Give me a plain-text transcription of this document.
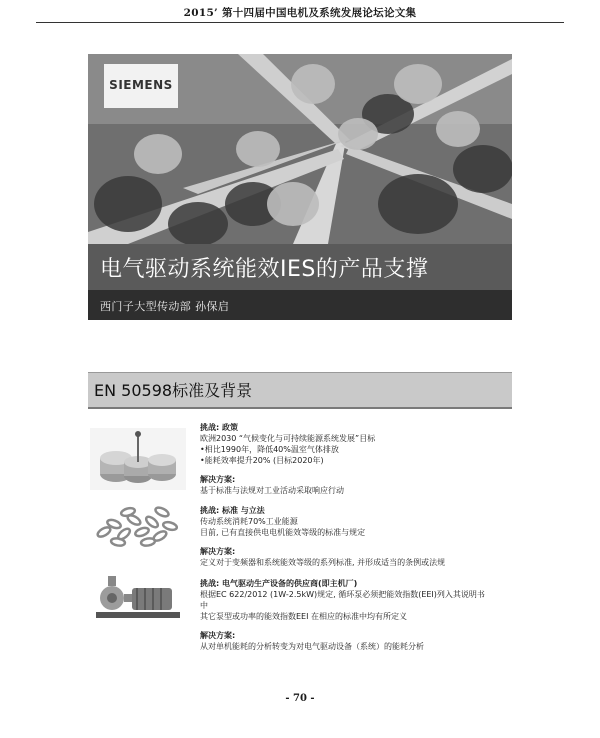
2015’ 第十四届中国电机及系统发展论坛论文集
SIEMENS
电气驱动系统能效IES的产品支撑
西门子大型传动部 孙保启
EN 50598标准及背景
挑战: 政策
欧洲2030 “气候变化与可持续能源系统发展”目标
•相比1990年，降低40%温室气体排放
•能耗效率提升20% (目标2020年)
解决方案:
基于标准与法规对工业活动采取响应行动
挑战: 标准 与立法
传动系统消耗70%工业能源
目前, 已有直接供电电机能效等级的标准与规定
解决方案:
定义对于变频器和系统能效等级的系列标准, 并形成适当的条例或法规
挑战: 电气驱动生产设备的供应商(即主机厂)
根据EC 622/2012 (1W-2.5kW)规定, 循环泵必须把能效指数(EEI)列入其说明书
中
其它泵型或功率的能效指数EEI 在相应的标准中均有所定义
解决方案:
从对单机能耗的分析转变为对电气驱动设备（系统）的能耗分析
- 70 -
